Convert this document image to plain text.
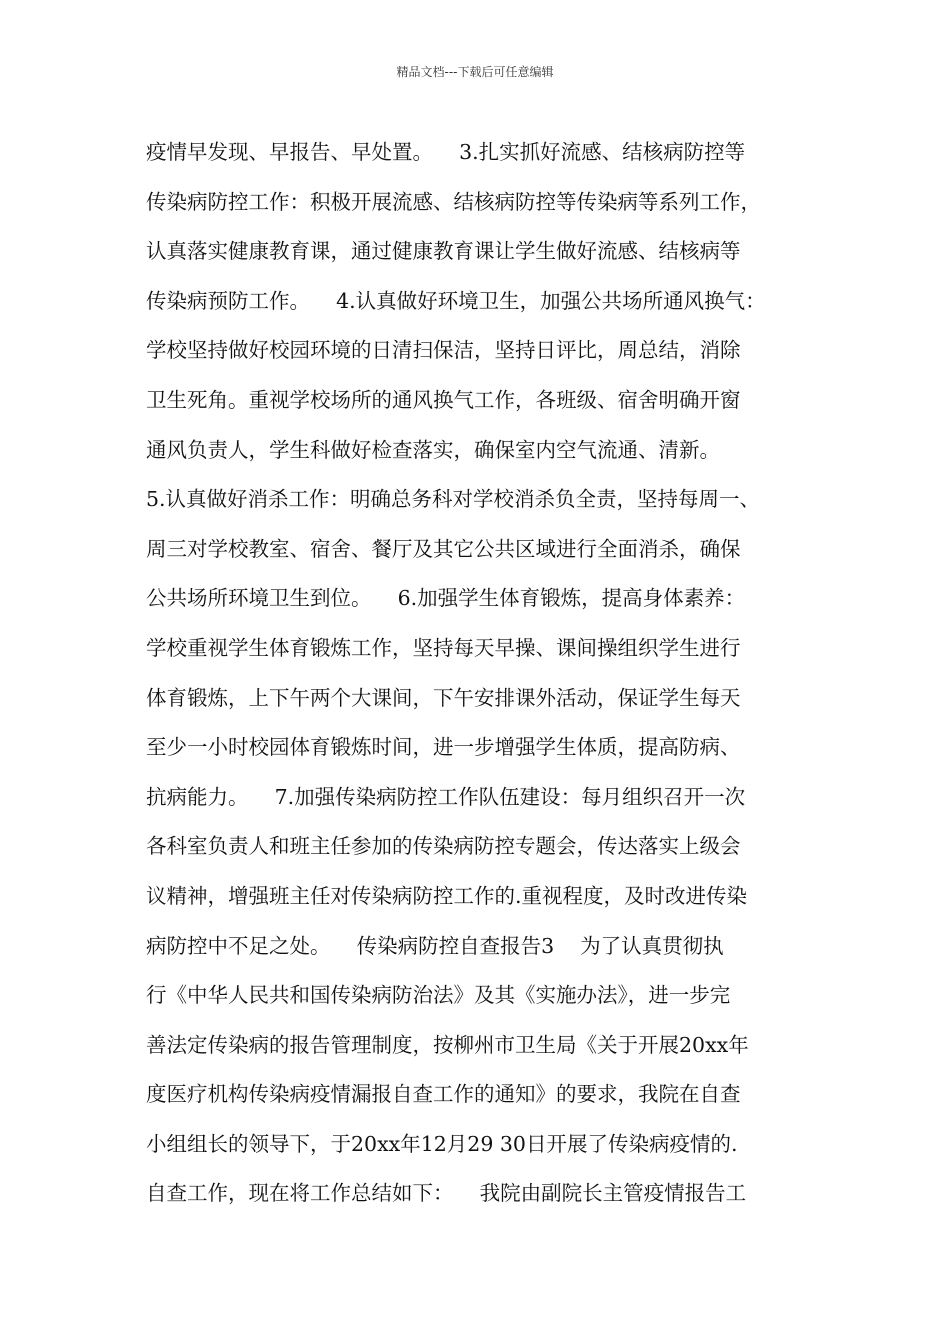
精品文档---下载后可任意编辑
疫情早发现、早报告、早处置。    3.扎实抓好流感、结核病防控等
传染病防控工作：积极开展流感、结核病防控等传染病等系列工作，
认真落实健康教育课，通过健康教育课让学生做好流感、结核病等
传染病预防工作。    4.认真做好环境卫生，加强公共场所通风换气：
学校坚持做好校园环境的日清扫保洁，坚持日评比，周总结，消除
卫生死角。重视学校场所的通风换气工作，各班级、宿舍明确开窗
通风负责人，学生科做好检查落实，确保室内空气流通、清新。
5.认真做好消杀工作：明确总务科对学校消杀负全责，坚持每周一、
周三对学校教室、宿舍、餐厅及其它公共区域进行全面消杀，确保
公共场所环境卫生到位。    6.加强学生体育锻炼，提高身体素养：
学校重视学生体育锻炼工作，坚持每天早操、课间操组织学生进行
体育锻炼，上下午两个大课间，下午安排课外活动，保证学生每天
至少一小时校园体育锻炼时间，进一步增强学生体质，提高防病、
抗病能力。    7.加强传染病防控工作队伍建设：每月组织召开一次
各科室负责人和班主任参加的传染病防控专题会，传达落实上级会
议精神，增强班主任对传染病防控工作的.重视程度，及时改进传染
病防控中不足之处。    传染病防控自查报告3    为了认真贯彻执
行《中华人民共和国传染病防治法》及其《实施办法》，进一步完
善法定传染病的报告管理制度，按柳州市卫生局《关于开展20xx年
度医疗机构传染病疫情漏报自查工作的通知》的要求，我院在自查
小组组长的领导下，于20xx年12月29 30日开展了传染病疫情的.
自查工作，现在将工作总结如下：    我院由副院长主管疫情报告工
